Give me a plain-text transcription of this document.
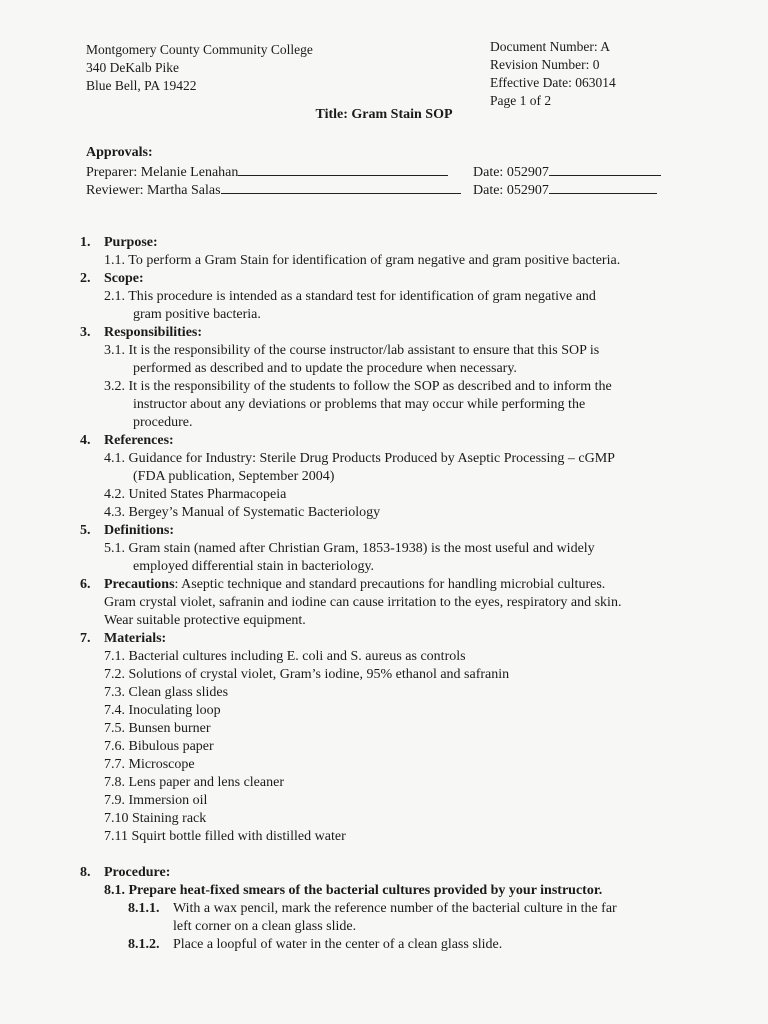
Montgomery County Community College
340 DeKalb Pike
Blue Bell, PA 19422
Document Number: A
Revision Number: 0
Effective Date: 063014
Page 1 of 2
Title: Gram Stain SOP
Approvals:
Preparer: Melanie Lenahan	Date: 052907
Reviewer: Martha Salas	Date: 052907
1. Purpose:
1.1. To perform a Gram Stain for identification of gram negative and gram positive bacteria.
2. Scope:
2.1. This procedure is intended as a standard test for identification of gram negative and
gram positive bacteria.
3. Responsibilities:
3.1. It is the responsibility of the course instructor/lab assistant to ensure that this SOP is
performed as described and to update the procedure when necessary.
3.2. It is the responsibility of the students to follow the SOP as described and to inform the
instructor about any deviations or problems that may occur while performing the
procedure.
4. References:
4.1. Guidance for Industry: Sterile Drug Products Produced by Aseptic Processing – cGMP
(FDA publication, September 2004)
4.2. United States Pharmacopeia
4.3. Bergey’s Manual of Systematic Bacteriology
5. Definitions:
5.1. Gram stain (named after Christian Gram, 1853-1938) is the most useful and widely
employed differential stain in bacteriology.
6. Precautions: Aseptic technique and standard precautions for handling microbial cultures.
Gram crystal violet, safranin and iodine can cause irritation to the eyes, respiratory and skin.
Wear suitable protective equipment.
7. Materials:
7.1. Bacterial cultures including E. coli and S. aureus as controls
7.2. Solutions of crystal violet, Gram’s iodine, 95% ethanol and safranin
7.3. Clean glass slides
7.4. Inoculating loop
7.5. Bunsen burner
7.6. Bibulous paper
7.7. Microscope
7.8. Lens paper and lens cleaner
7.9. Immersion oil
7.10 Staining rack
7.11 Squirt bottle filled with distilled water
8. Procedure:
8.1. Prepare heat-fixed smears of the bacterial cultures provided by your instructor.
8.1.1. With a wax pencil, mark the reference number of the bacterial culture in the far
left corner on a clean glass slide.
8.1.2. Place a loopful of water in the center of a clean glass slide.
